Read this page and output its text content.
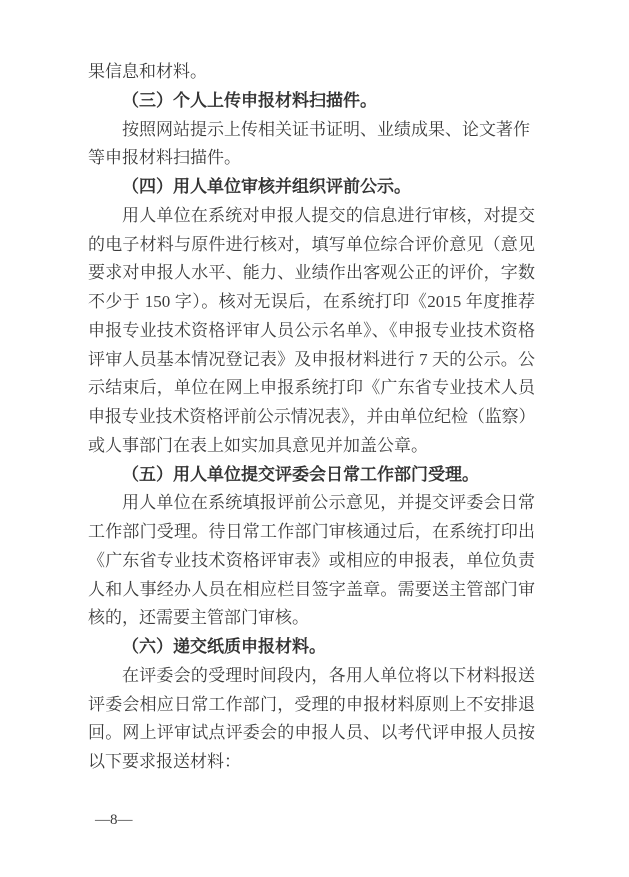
果信息和材料。
（三）个人上传申报材料扫描件。
按照网站提示上传相关证书证明、业绩成果、论文著作
等申报材料扫描件。
（四）用人单位审核并组织评前公示。
用人单位在系统对申报人提交的信息进行审核，对提交
的电子材料与原件进行核对，填写单位综合评价意见（意见
要求对申报人水平、能力、业绩作出客观公正的评价，字数
不少于 150 字）。核对无误后，在系统打印《2015 年度推荐
申报专业技术资格评审人员公示名单》、《申报专业技术资格
评审人员基本情况登记表》及申报材料进行 7 天的公示。公
示结束后，单位在网上申报系统打印《广东省专业技术人员
申报专业技术资格评前公示情况表》，并由单位纪检（监察）
或人事部门在表上如实加具意见并加盖公章。
（五）用人单位提交评委会日常工作部门受理。
用人单位在系统填报评前公示意见，并提交评委会日常
工作部门受理。待日常工作部门审核通过后，在系统打印出
《广东省专业技术资格评审表》或相应的申报表，单位负责
人和人事经办人员在相应栏目签字盖章。需要送主管部门审
核的，还需要主管部门审核。
（六）递交纸质申报材料。
在评委会的受理时间段内，各用人单位将以下材料报送
评委会相应日常工作部门，受理的申报材料原则上不安排退
回。网上评审试点评委会的申报人员、以考代评申报人员按
以下要求报送材料：
—8—
